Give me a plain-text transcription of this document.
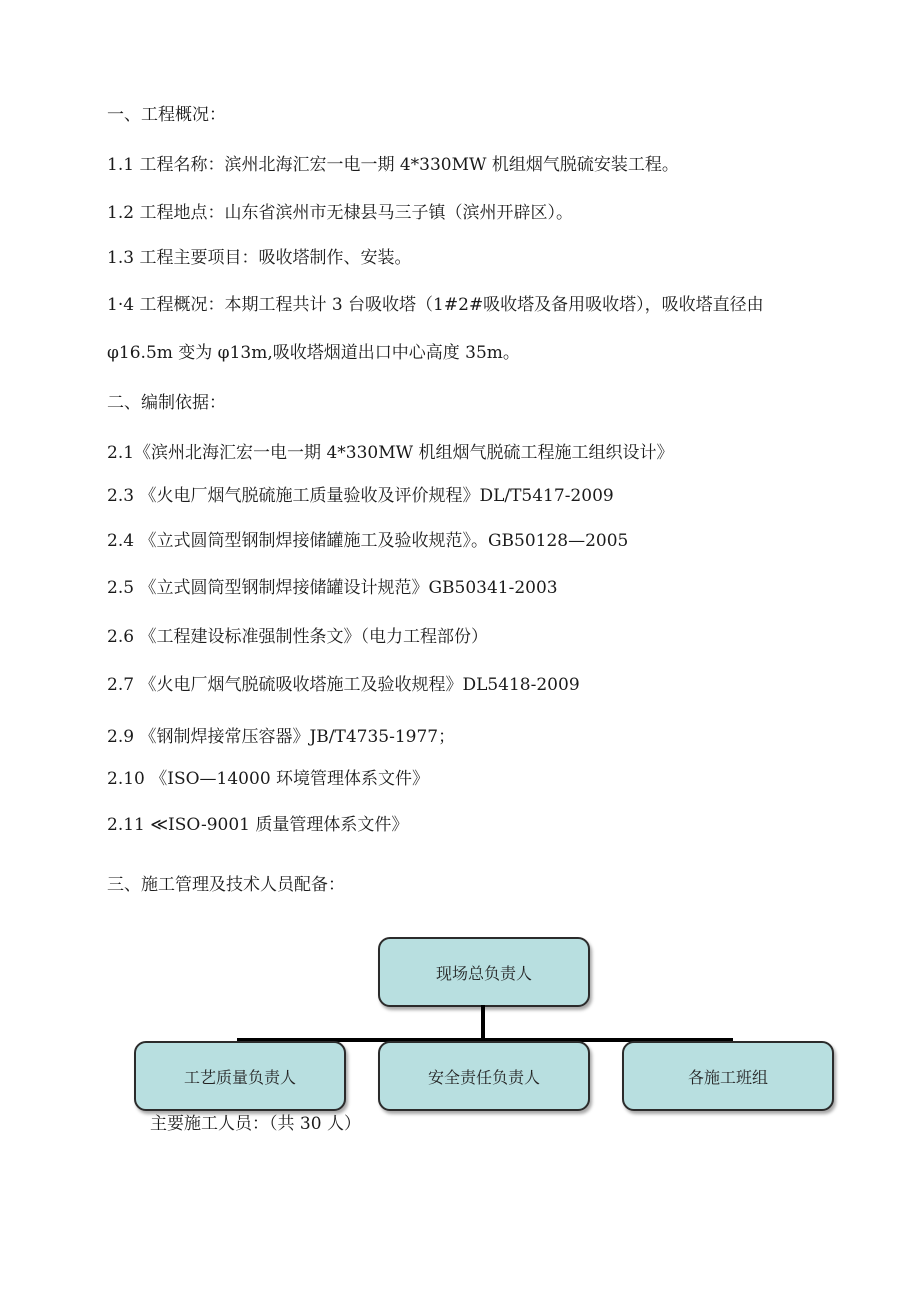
一、工程概况：
1.1 工程名称：滨州北海汇宏一电一期 4*330MW 机组烟气脱硫安装工程。
1.2 工程地点：山东省滨州市无棣县马三子镇（滨州开辟区）。
1.3 工程主要项目：吸收塔制作、安装。
1·4 工程概况：本期工程共计 3 台吸收塔（1#2#吸收塔及备用吸收塔），吸收塔直径由
φ16.5m 变为 φ13m,吸收塔烟道出口中心高度 35m。
二、编制依据：
2.1《滨州北海汇宏一电一期 4*330MW 机组烟气脱硫工程施工组织设计》
2.3 《火电厂烟气脱硫施工质量验收及评价规程》DL/T5417-2009
2.4 《立式圆筒型钢制焊接储罐施工及验收规范》。GB50128—2005
2.5 《立式圆筒型钢制焊接储罐设计规范》GB50341-2003
2.6 《工程建设标准强制性条文》（电力工程部份）
2.7 《火电厂烟气脱硫吸收塔施工及验收规程》DL5418-2009
2.9 《钢制焊接常压容器》JB/T4735-1977；
2.10 《ISO—14000 环境管理体系文件》
2.11 ≪ISO-9001 质量管理体系文件》
三、施工管理及技术人员配备：
现场总负责人
工艺质量负责人	安全责任负责人	各施工班组
主要施工人员：（共 30 人）
